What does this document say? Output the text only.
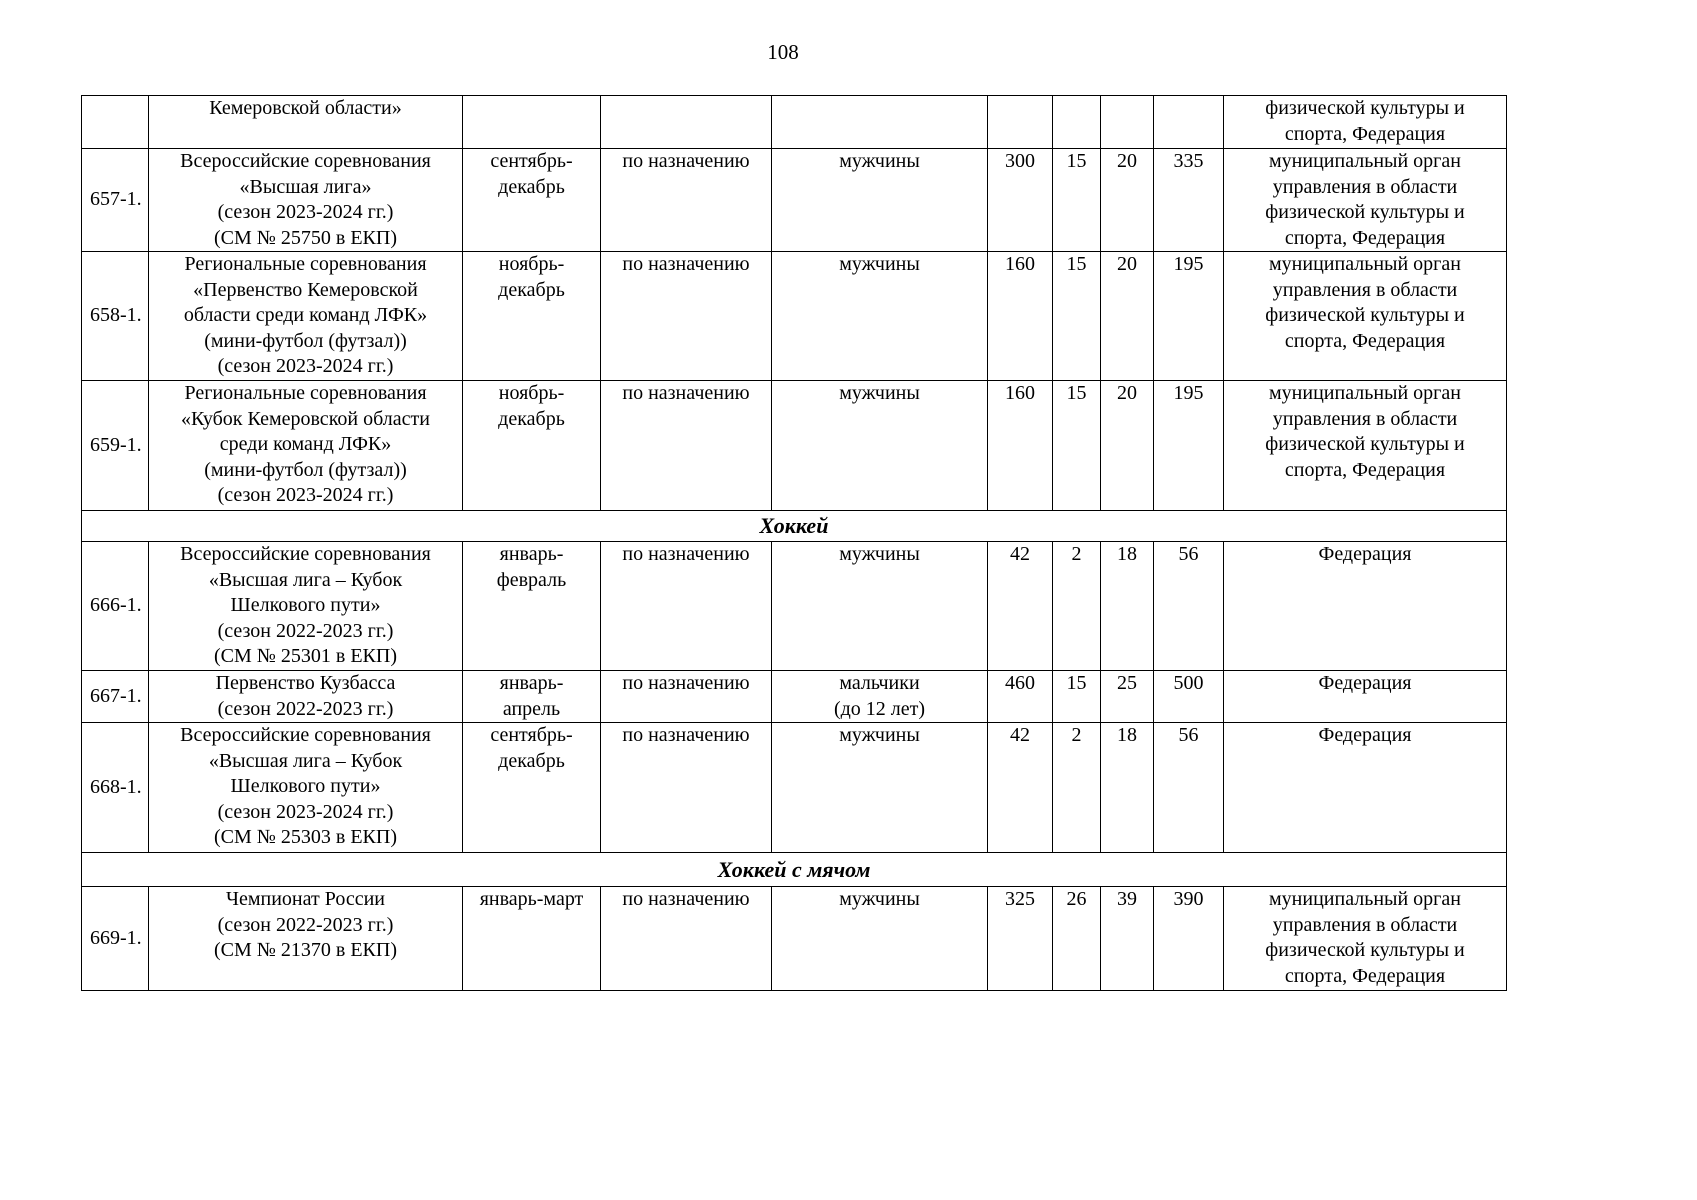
108
	Кемеровской области»								физической культуры и
спорта, Федерация
657-1.	Всероссийские соревнования
«Высшая лига»
(сезон 2023-2024 гг.)
(СМ № 25750 в ЕКП)	сентябрь-
декабрь	по назначению	мужчины	300	15	20	335	муниципальный орган
управления в области
физической культуры и
спорта, Федерация
658-1.	Региональные соревнования
«Первенство Кемеровской
области среди команд ЛФК»
(мини-футбол (футзал))
(сезон 2023-2024 гг.)	ноябрь-
декабрь	по назначению	мужчины	160	15	20	195	муниципальный орган
управления в области
физической культуры и
спорта, Федерация
659-1.	Региональные соревнования
«Кубок Кемеровской области
среди команд ЛФК»
(мини-футбол (футзал))
(сезон 2023-2024 гг.)	ноябрь-
декабрь	по назначению	мужчины	160	15	20	195	муниципальный орган
управления в области
физической культуры и
спорта, Федерация
Хоккей									
666-1.	Всероссийские соревнования
«Высшая лига – Кубок
Шелкового пути»
(сезон 2022-2023 гг.)
(СМ № 25301 в ЕКП)	январь-
февраль	по назначению	мужчины	42	2	18	56	Федерация
667-1.	Первенство Кузбасса
(сезон 2022-2023 гг.)	январь-
апрель	по назначению	мальчики
(до 12 лет)	460	15	25	500	Федерация
668-1.	Всероссийские соревнования
«Высшая лига – Кубок
Шелкового пути»
(сезон 2023-2024 гг.)
(СМ № 25303 в ЕКП)	сентябрь-
декабрь	по назначению	мужчины	42	2	18	56	Федерация
Хоккей с мячом									
669-1.	Чемпионат России
(сезон 2022-2023 гг.)
(СМ № 21370 в ЕКП)	январь-март	по назначению	мужчины	325	26	39	390	муниципальный орган
управления в области
физической культуры и
спорта, Федерация
